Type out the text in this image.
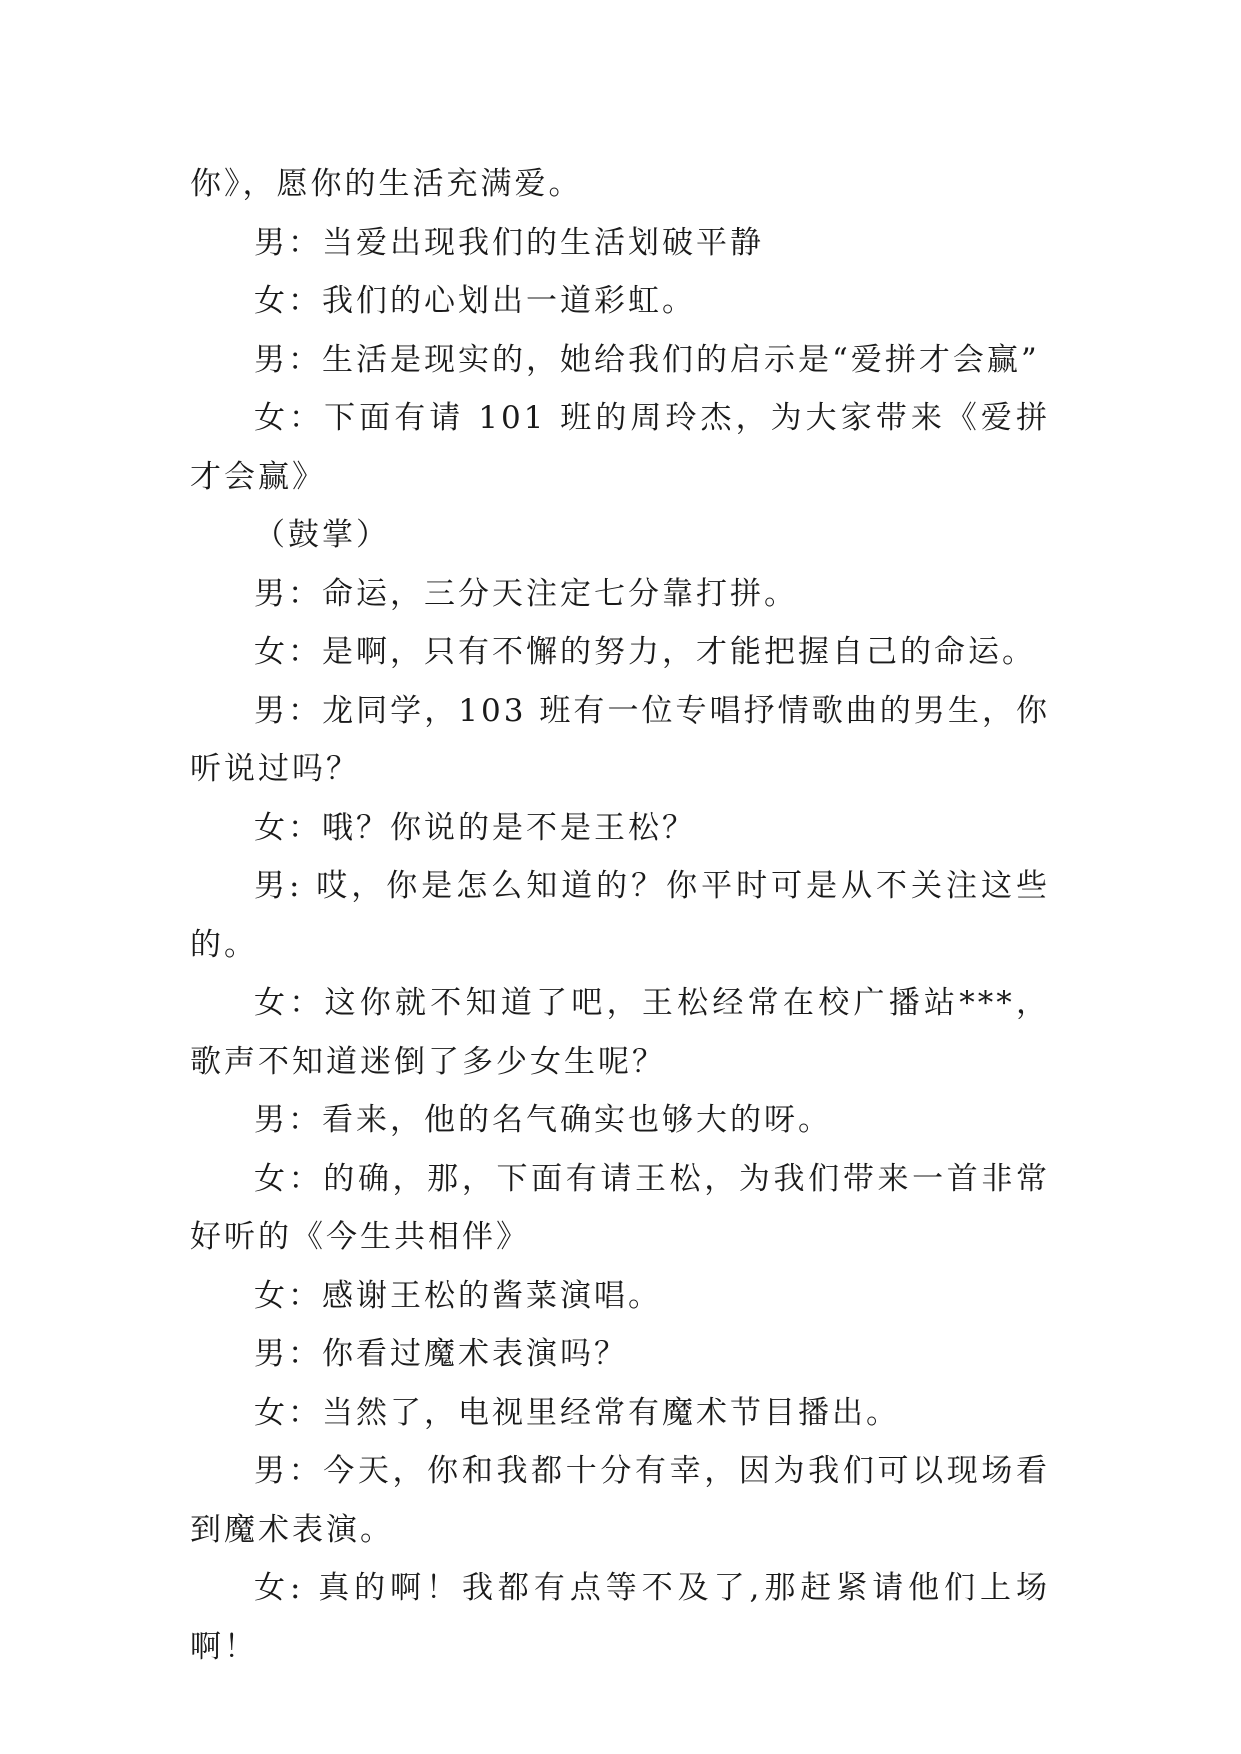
你》，愿你的生活充满爱。

男：当爱出现我们的生活划破平静

女：我们的心划出一道彩虹。

男：生活是现实的，她给我们的启示是“爱拼才会赢”

女：下面有请 101 班的周玲杰，为大家带来《爱拼才会赢》

（鼓掌）

男：命运，三分天注定七分靠打拼。

女：是啊，只有不懈的努力，才能把握自己的命运。

男：龙同学，103 班有一位专唱抒情歌曲的男生，你听说过吗？

女：哦？你说的是不是王松？

男: 哎，你是怎么知道的？你平时可是从不关注这些的。

女：这你就不知道了吧，王松经常在校广播站***，歌声不知道迷倒了多少女生呢？

男：看来，他的名气确实也够大的呀。

女：的确，那，下面有请王松，为我们带来一首非常好听的《今生共相伴》

女：感谢王松的酱菜演唱。

男：你看过魔术表演吗？

女：当然了，电视里经常有魔术节目播出。

男：今天，你和我都十分有幸，因为我们可以现场看到魔术表演。

女: 真的啊！我都有点等不及了,那赶紧请他们上场啊！
